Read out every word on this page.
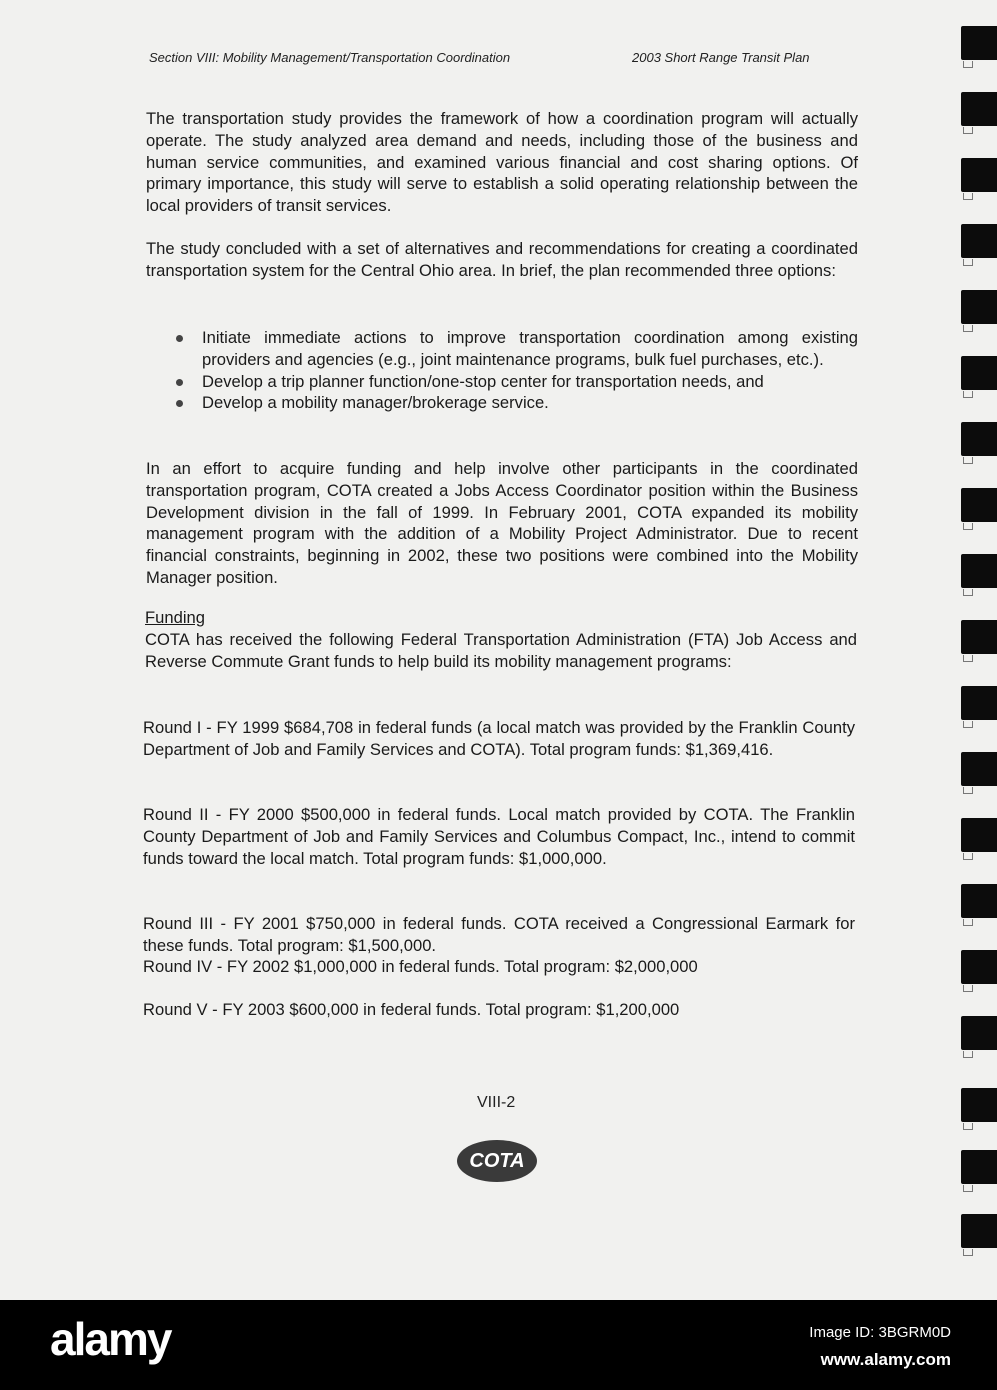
Section VIII: Mobility Management/Transportation Coordination	2003 Short Range Transit Plan

The transportation study provides the framework of how a coordination program will actually operate. The study analyzed area demand and needs, including those of the business and human service communities, and examined various financial and cost sharing options. Of primary importance, this study will serve to establish a solid operating relationship between the local providers of transit services.

The study concluded with a set of alternatives and recommendations for creating a coordinated transportation system for the Central Ohio area. In brief, the plan recommended three options:

Initiate immediate actions to improve transportation coordination among existing providers and agencies (e.g., joint maintenance programs, bulk fuel purchases, etc.).
Develop a trip planner function/one-stop center for transportation needs, and
Develop a mobility manager/brokerage service.

In an effort to acquire funding and help involve other participants in the coordinated transportation program, COTA created a Jobs Access Coordinator position within the Business Development division in the fall of 1999. In February 2001, COTA expanded its mobility management program with the addition of a Mobility Project Administrator. Due to recent financial constraints, beginning in 2002, these two positions were combined into the Mobility Manager position.

Funding

COTA has received the following Federal Transportation Administration (FTA) Job Access and Reverse Commute Grant funds to help build its mobility management programs:

Round I - FY 1999 $684,708 in federal funds (a local match was provided by the Franklin County Department of Job and Family Services and COTA). Total program funds: $1,369,416.
Round II - FY 2000 $500,000 in federal funds. Local match provided by COTA. The Franklin County Department of Job and Family Services and Columbus Compact, Inc., intend to commit funds toward the local match. Total program funds: $1,000,000.
Round III - FY 2001 $750,000 in federal funds. COTA received a Congressional Earmark for these funds. Total program: $1,500,000.
Round IV - FY 2002 $1,000,000 in federal funds. Total program: $2,000,000
Round V - FY 2003 $600,000 in federal funds. Total program: $1,200,000
VIII-2
COTA
alamy	Image ID: 3BGRM0D
www.alamy.com
